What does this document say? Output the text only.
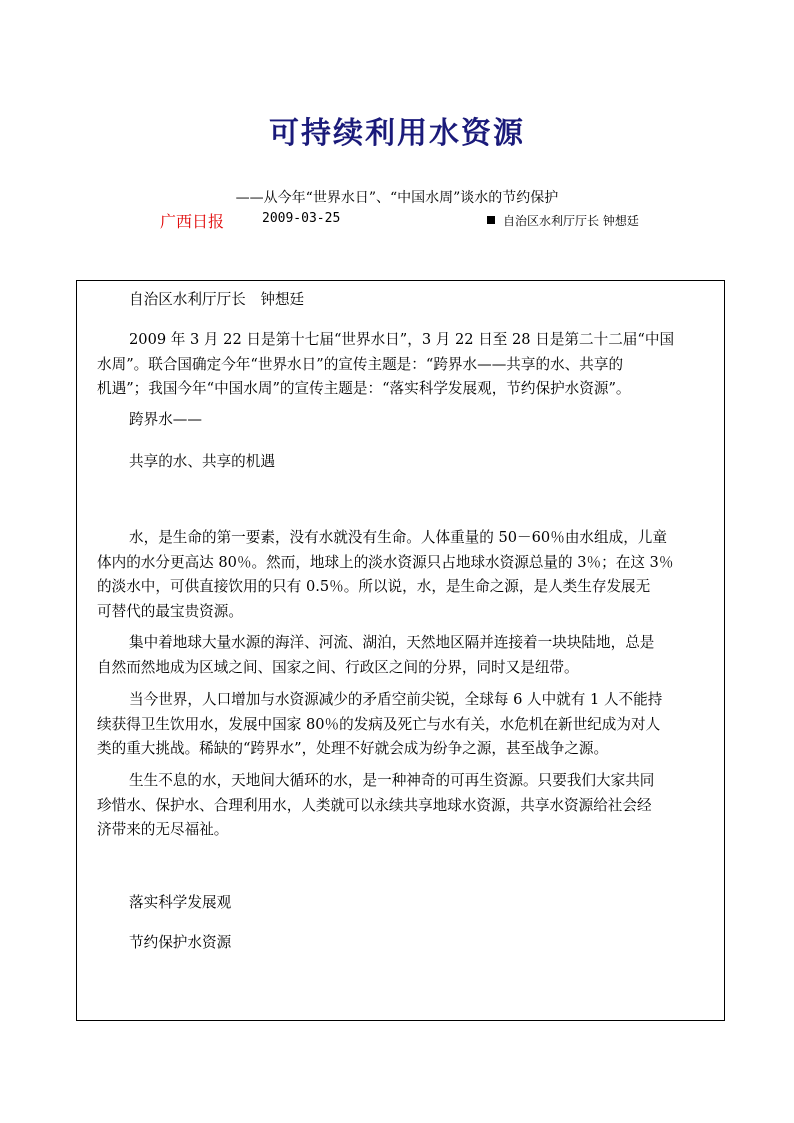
可持续利用水资源
——从今年“世界水日”、“中国水周”谈水的节约保护
广西日报	2009-03-25	自治区水利厅厅长 钟想廷
自治区水利厅厅长　钟想廷
2009 年 3 月 22 日是第十七届“世界水日”，3 月 22 日至 28 日是第二十二届“中国
水周”。联合国确定今年“世界水日”的宣传主题是：“跨界水——共享的水、共享的
机遇”；我国今年“中国水周”的宣传主题是：“落实科学发展观，节约保护水资源”。
跨界水——
共享的水、共享的机遇
水，是生命的第一要素，没有水就没有生命。人体重量的 50－60％由水组成，儿童
体内的水分更高达 80％。然而，地球上的淡水资源只占地球水资源总量的 3％；在这 3％
的淡水中，可供直接饮用的只有 0.5％。所以说，水，是生命之源，是人类生存发展无
可替代的最宝贵资源。
集中着地球大量水源的海洋、河流、湖泊，天然地区隔并连接着一块块陆地，总是
自然而然地成为区域之间、国家之间、行政区之间的分界，同时又是纽带。
当今世界，人口增加与水资源减少的矛盾空前尖锐，全球每 6 人中就有 1 人不能持
续获得卫生饮用水，发展中国家 80％的发病及死亡与水有关，水危机在新世纪成为对人
类的重大挑战。稀缺的“跨界水”，处理不好就会成为纷争之源，甚至战争之源。
生生不息的水，天地间大循环的水，是一种神奇的可再生资源。只要我们大家共同
珍惜水、保护水、合理利用水，人类就可以永续共享地球水资源，共享水资源给社会经
济带来的无尽福祉。
落实科学发展观
节约保护水资源
